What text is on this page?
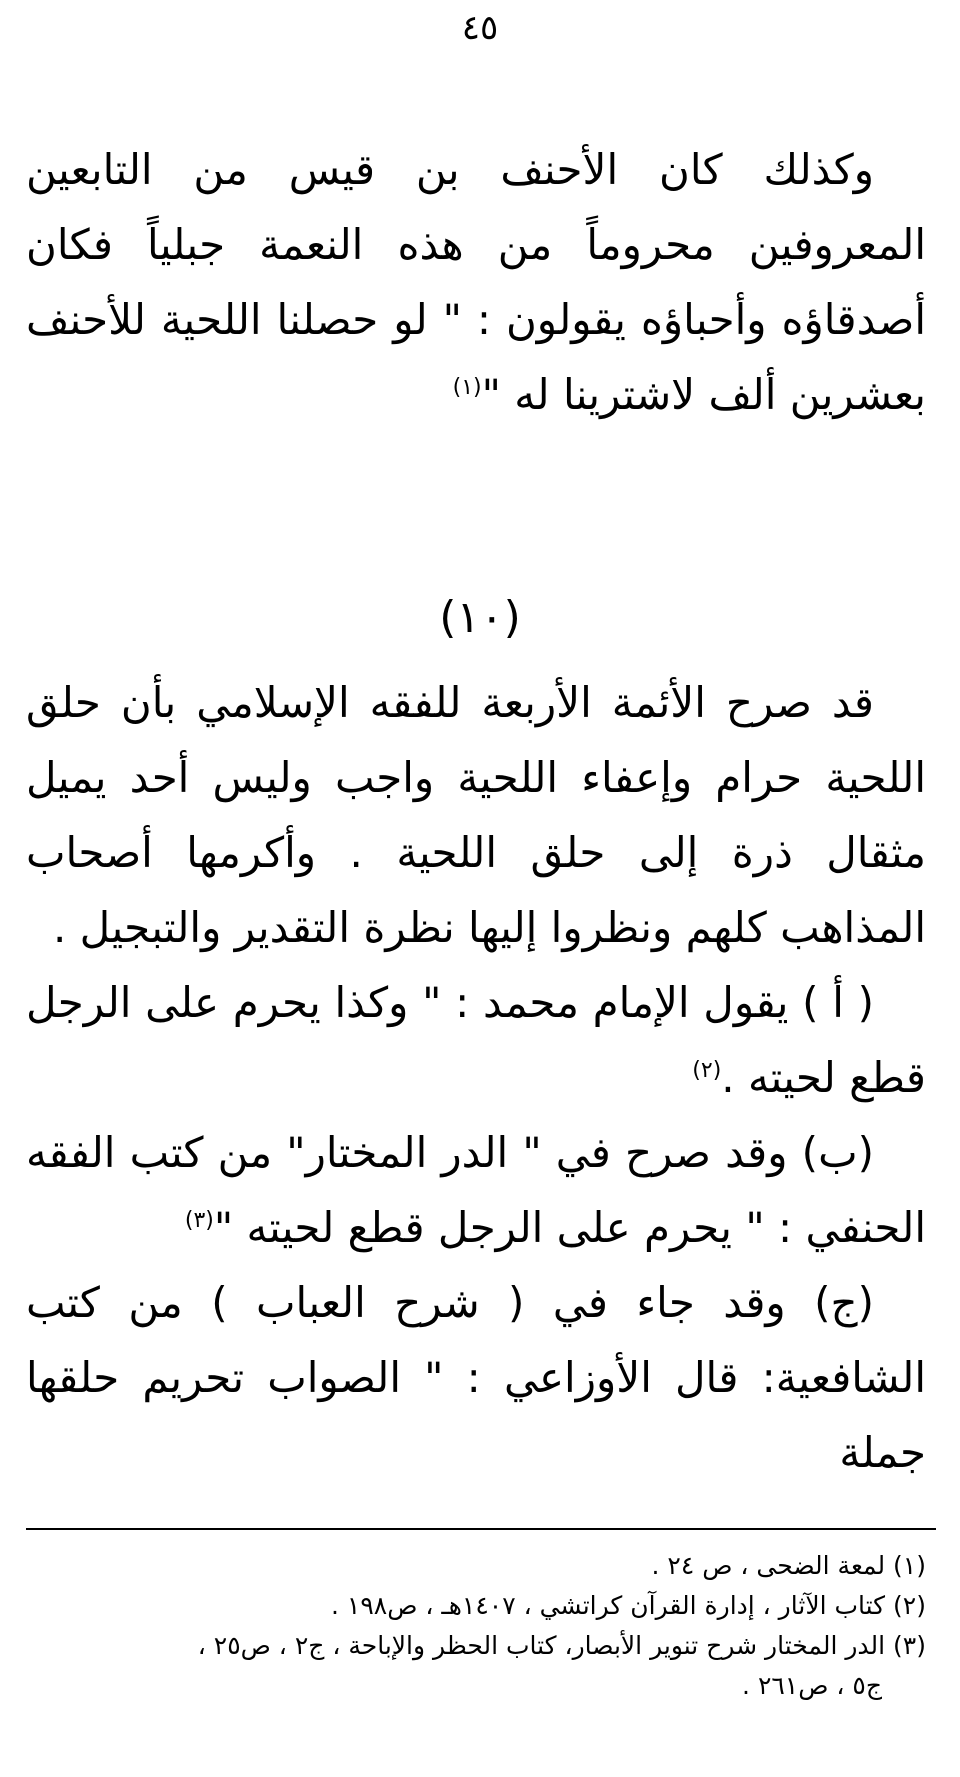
٤٥

وكذلك كان الأحنف بن قيس من التابعين المعروفين محروماً من هذه النعمة جبلياً فكان أصدقاؤه وأحباؤه يقولون : " لو حصلنا اللحية للأحنف بعشرين ألف لاشترينا له "$^{(١)}$

(١٠)

قد صرح الأئمة الأربعة للفقه الإسلامي بأن حلق اللحية حرام وإعفاء اللحية واجب وليس أحد يميل مثقال ذرة إلى حلق اللحية . وأكرمها أصحاب المذاهب كلهم ونظروا إليها نظرة التقدير والتبجيل .

( أ ) يقول الإمام محمد : " وكذا يحرم على الرجل قطع لحيته .$^{(٢)}$

(ب) وقد صرح في " الدر المختار" من كتب الفقه الحنفي : " يحرم على الرجل قطع لحيته "$^{(٣)}$

(ج) وقد جاء في ( شرح العباب ) من كتب الشافعية: قال الأوزاعي : " الصواب تحريم حلقها جملة

(١) لمعة الضحى ، ص ٢٤ .

(٢) كتاب الآثار ، إدارة القرآن كراتشي ، ١٤٠٧هـ ، ص١٩٨ .

(٣) الدر المختار شرح تنوير الأبصار، كتاب الحظر والإباحة ، ج٢ ، ص٢٥ ،
ج٥ ، ص٢٦١ .
